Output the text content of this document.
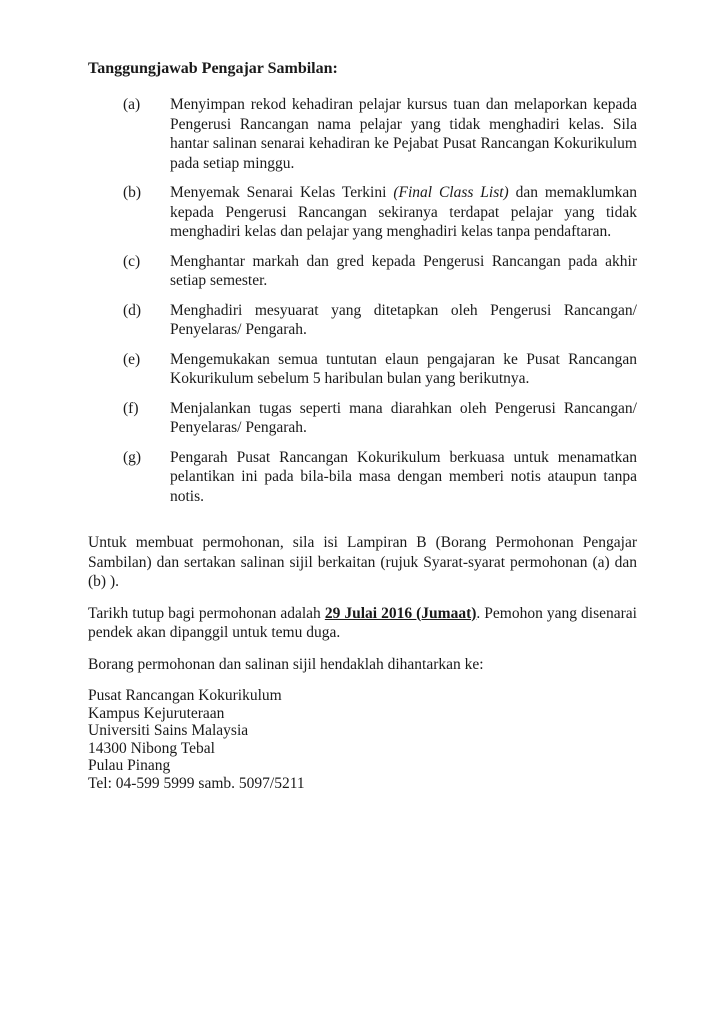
Tanggungjawab Pengajar Sambilan:

(a)	Menyimpan rekod kehadiran pelajar kursus tuan dan melaporkan kepada Pengerusi Rancangan nama pelajar yang tidak menghadiri kelas. Sila hantar salinan senarai kehadiran ke Pejabat Pusat Rancangan Kokurikulum pada setiap minggu.
(b)	Menyemak Senarai Kelas Terkini (Final Class List) dan memaklumkan kepada Pengerusi Rancangan sekiranya terdapat pelajar yang tidak menghadiri kelas dan pelajar yang menghadiri kelas tanpa pendaftaran.
(c)	Menghantar markah dan gred kepada Pengerusi Rancangan pada akhir setiap semester.
(d)	Menghadiri mesyuarat yang ditetapkan oleh Pengerusi Rancangan/ Penyelaras/ Pengarah.
(e)	Mengemukakan semua tuntutan elaun pengajaran ke Pusat Rancangan Kokurikulum sebelum 5 haribulan bulan yang berikutnya.
(f)	Menjalankan tugas seperti mana diarahkan oleh Pengerusi Rancangan/ Penyelaras/ Pengarah.
(g)	Pengarah Pusat Rancangan Kokurikulum berkuasa untuk menamatkan pelantikan ini pada bila-bila masa dengan memberi notis ataupun tanpa notis.

Untuk membuat permohonan, sila isi Lampiran B (Borang Permohonan Pengajar Sambilan) dan sertakan salinan sijil berkaitan (rujuk Syarat-syarat permohonan (a) dan (b) ).

Tarikh tutup bagi permohonan adalah 29 Julai 2016 (Jumaat). Pemohon yang disenarai pendek akan dipanggil untuk temu duga.

Borang permohonan dan salinan sijil hendaklah dihantarkan ke:

Pusat Rancangan Kokurikulum
Kampus Kejuruteraan
Universiti Sains Malaysia
14300 Nibong Tebal
Pulau Pinang
Tel: 04-599 5999 samb. 5097/5211
